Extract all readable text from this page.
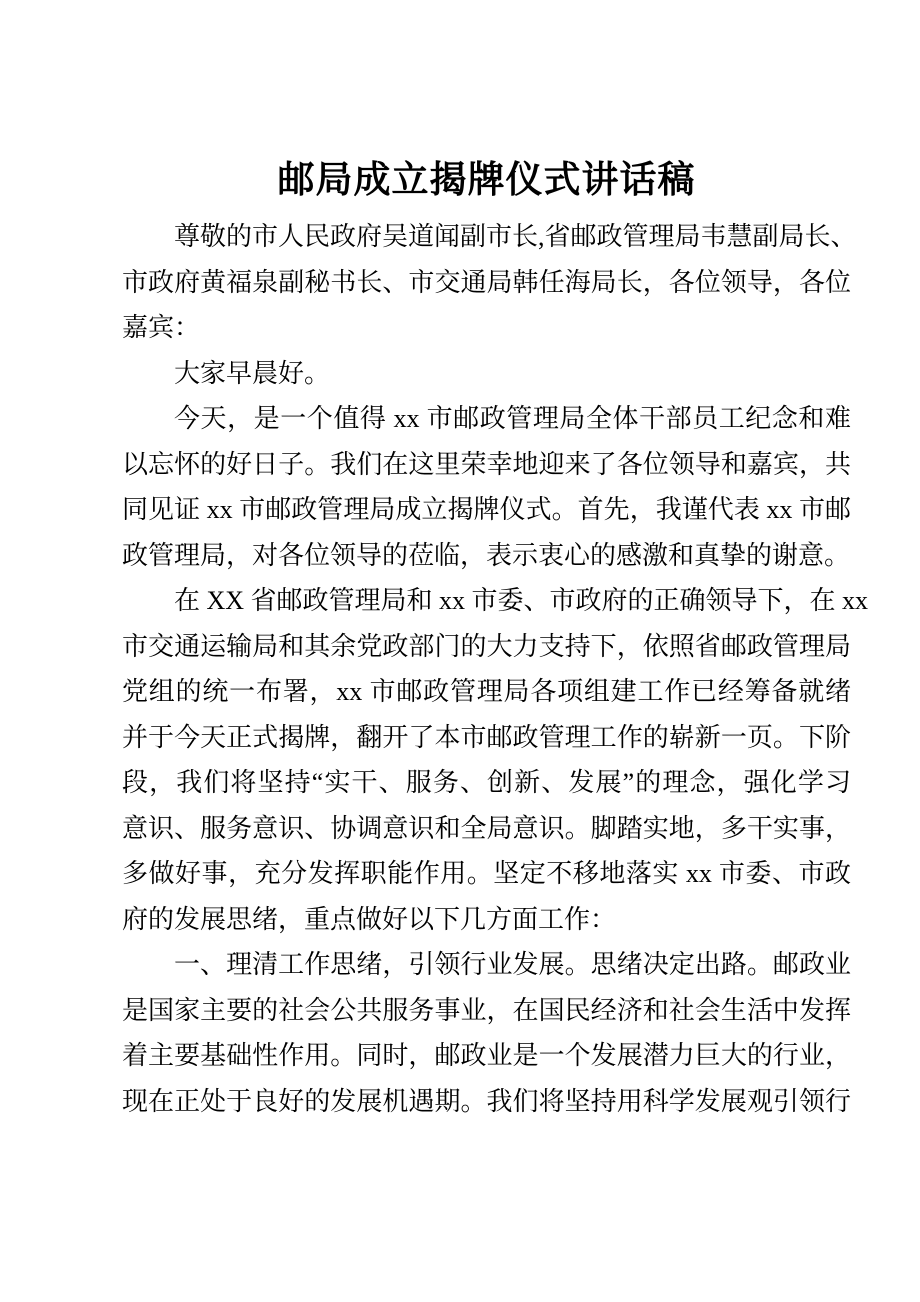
邮局成立揭牌仪式讲话稿
尊敬的市人民政府吴道闻副市长,省邮政管理局韦慧副局长、
市政府黄福泉副秘书长、市交通局韩任海局长，各位领导，各位
嘉宾：
大家早晨好。
今天，是一个值得 xx 市邮政管理局全体干部员工纪念和难
以忘怀的好日子。我们在这里荣幸地迎来了各位领导和嘉宾，共
同见证 xx 市邮政管理局成立揭牌仪式。首先，我谨代表 xx 市邮
政管理局，对各位领导的莅临，表示衷心的感激和真挚的谢意。
在 XX 省邮政管理局和 xx 市委、市政府的正确领导下，在 xx
市交通运输局和其余党政部门的大力支持下，依照省邮政管理局
党组的统一布署，xx 市邮政管理局各项组建工作已经筹备就绪
并于今天正式揭牌，翻开了本市邮政管理工作的崭新一页。下阶
段，我们将坚持“实干、服务、创新、发展”的理念，强化学习
意识、服务意识、协调意识和全局意识。脚踏实地，多干实事，
多做好事，充分发挥职能作用。坚定不移地落实 xx 市委、市政
府的发展思绪，重点做好以下几方面工作：
一、理清工作思绪，引领行业发展。思绪决定出路。邮政业
是国家主要的社会公共服务事业，在国民经济和社会生活中发挥
着主要基础性作用。同时，邮政业是一个发展潜力巨大的行业，
现在正处于良好的发展机遇期。我们将坚持用科学发展观引领行
